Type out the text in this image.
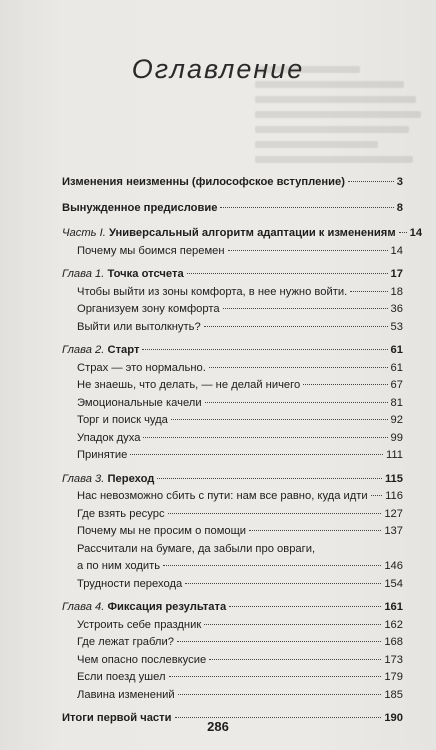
Оглавление
Изменения неизменны (философское вступление)	3
Вынужденное предисловие	8
Часть I. Универсальный алгоритм адаптации к изменениям 14
Почему мы боимся перемен	14
Глава 1. Точка отсчета	17
Чтобы выйти из зоны комфорта, в нее нужно войти.	18
Организуем зону комфорта	36
Выйти или вытолкнуть?	53
Глава 2. Старт	61
Страх — это нормально.	61
Не знаешь, что делать, — не делай ничего	67
Эмоциональные качели	81
Торг и поиск чуда	92
Упадок духа	99
Принятие	111
Глава 3. Переход	115
Нас невозможно сбить с пути: нам все равно, куда идти 116
Где взять ресурс	127
Почему мы не просим о помощи	137
Рассчитали на бумаге, да забыли про овраги,
а по ним ходить	146
Трудности перехода	154
Глава 4. Фиксация результата	161
Устроить себе праздник	162
Где лежат грабли?	168
Чем опасно послевкусие	173
Если поезд ушел	179
Лавина изменений	185
Итоги первой части	190
286
